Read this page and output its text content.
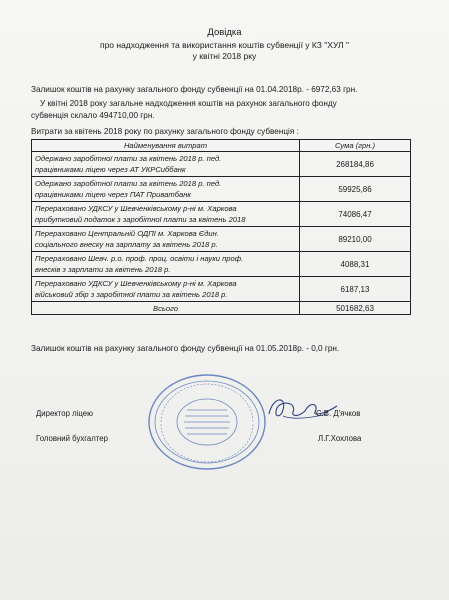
Довідка
про надходження та використання коштів субвенції у КЗ "ХУЛ "
у квітні 2018 рку
Залишок коштів на рахунку загального фонду субвенції на 01.04.2018р. - 6972,63 грн.
У квітні 2018 року загальне надходження коштів на рахунок загального фонду
субвенція склало 494710,00 грн.
Витрати за квітень 2018 року по рахунку загального фонду субвенція :
Найменування витрат	Сума (грн.)

Одержано заробітної плати за квітень 2018 р. пед.
працівниками ліцею через АТ УКРСиббанк	268184,86

Одержано заробітної плати за квітень 2018 р. пед.
працівниками ліцею через ПАТ Приватбанк	59925,86

Перераховано УДКСУ у Шевченківському р-ні м. Харкова
прибутковий податок з заробітної плати за квітень 2018	74086,47

Перераховано Центральній ОДПІ м. Харкова Єдин.
соціального внеску на зарплату за квітень 2018 р.	89210,00

Перераховано Шевч. р.о. проф. проц. освіти і науки проф.
внесків з зарплати за квітень 2018 р.	4088,31

Перераховано УДКСУ у Шевченківському р-ні м. Харкова
військовий збір з заробітної плати за квітень 2018 р.	6187,13
Всього	501682,63
Залишок коштів на рахунку загального фонду субвенції на 01.05.2018р. - 0,0 грн.
Директор ліцею	С.В. Д'ячков
Головний бухгалтер	Л.Г.Хохлова
